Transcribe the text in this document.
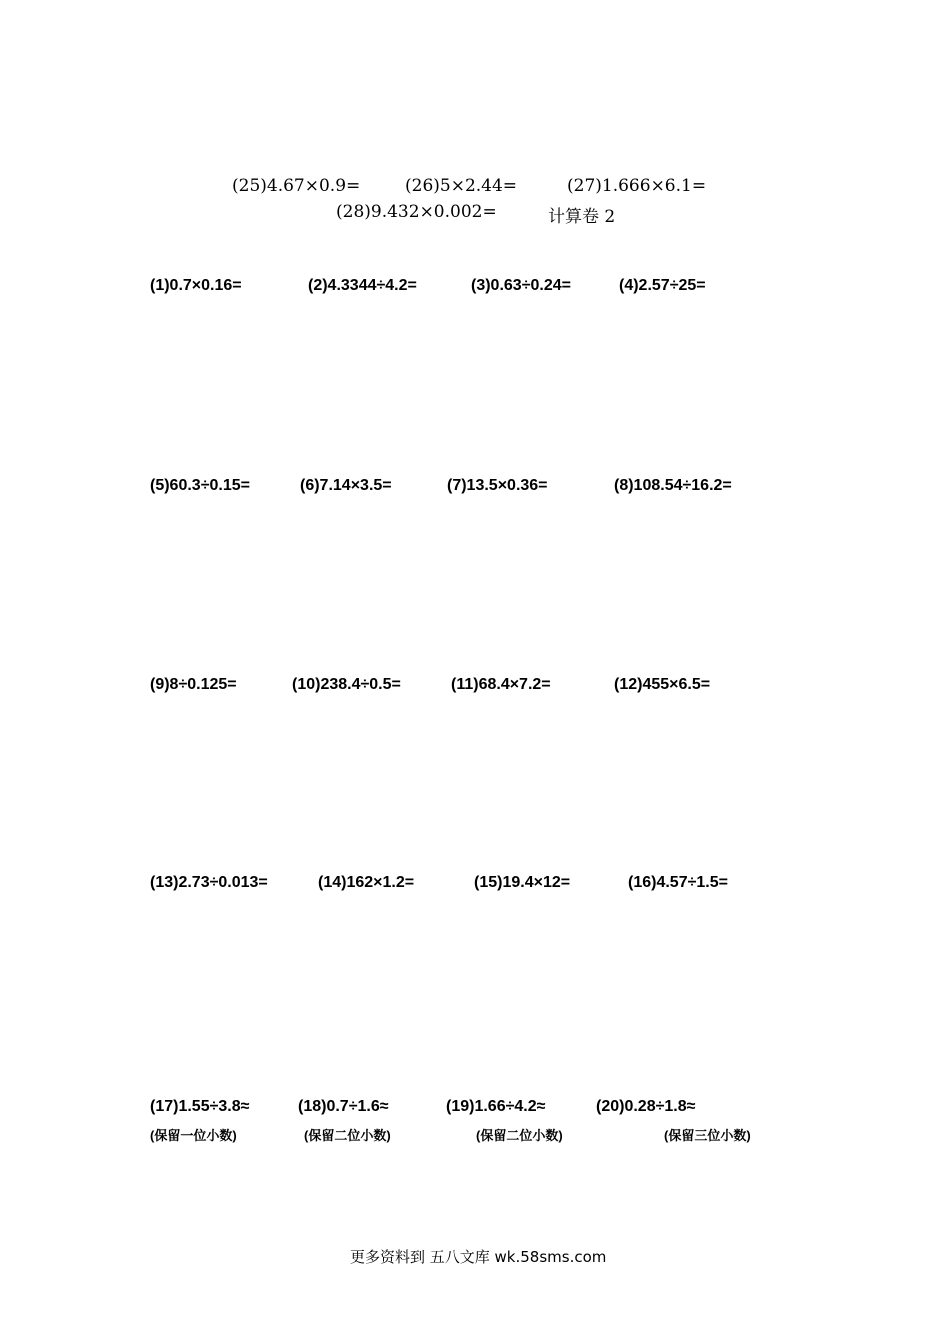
(25)4.67×0.9=	(26)5×2.44=	(27)1.666×6.1=
(28)9.432×0.002=	计算卷 2
(1)0.7×0.16=	(2)4.3344÷4.2=	(3)0.63÷0.24=	(4)2.57÷25=
(5)60.3÷0.15=	(6)7.14×3.5=	(7)13.5×0.36=	(8)108.54÷16.2=
(9)8÷0.125=	(10)238.4÷0.5=	(11)68.4×7.2=	(12)455×6.5=
(13)2.73÷0.013=	(14)162×1.2=	(15)19.4×12=	(16)4.57÷1.5=
(17)1.55÷3.8≈	(18)0.7÷1.6≈	(19)1.66÷4.2≈	(20)0.28÷1.8≈
(保留一位小数)	(保留二位小数)	(保留二位小数)	(保留三位小数)
更多资料到 五八文库 wk.58sms.com
